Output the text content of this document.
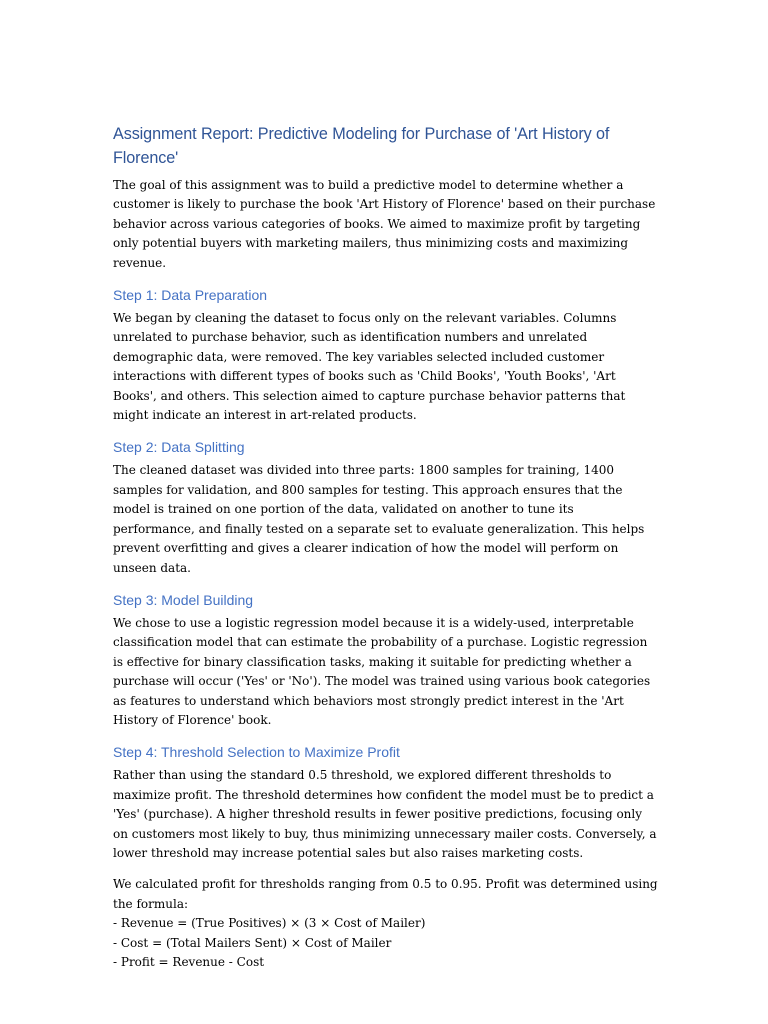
Assignment Report: Predictive Modeling for Purchase of 'Art History of Florence'

The goal of this assignment was to build a predictive model to determine whether a customer is likely to purchase the book 'Art History of Florence' based on their purchase behavior across various categories of books. We aimed to maximize profit by targeting only potential buyers with marketing mailers, thus minimizing costs and maximizing revenue.

Step 1: Data Preparation

We began by cleaning the dataset to focus only on the relevant variables. Columns unrelated to purchase behavior, such as identification numbers and unrelated demographic data, were removed. The key variables selected included customer interactions with different types of books such as 'Child Books', 'Youth Books', 'Art Books', and others. This selection aimed to capture purchase behavior patterns that might indicate an interest in art-related products.

Step 2: Data Splitting

The cleaned dataset was divided into three parts: 1800 samples for training, 1400 samples for validation, and 800 samples for testing. This approach ensures that the model is trained on one portion of the data, validated on another to tune its performance, and finally tested on a separate set to evaluate generalization. This helps prevent overfitting and gives a clearer indication of how the model will perform on unseen data.

Step 3: Model Building

We chose to use a logistic regression model because it is a widely-used, interpretable classification model that can estimate the probability of a purchase. Logistic regression is effective for binary classification tasks, making it suitable for predicting whether a purchase will occur ('Yes' or 'No'). The model was trained using various book categories as features to understand which behaviors most strongly predict interest in the 'Art History of Florence' book.

Step 4: Threshold Selection to Maximize Profit

Rather than using the standard 0.5 threshold, we explored different thresholds to maximize profit. The threshold determines how confident the model must be to predict a 'Yes' (purchase). A higher threshold results in fewer positive predictions, focusing only on customers most likely to buy, thus minimizing unnecessary mailer costs. Conversely, a lower threshold may increase potential sales but also raises marketing costs.

We calculated profit for thresholds ranging from 0.5 to 0.95. Profit was determined using the formula:
- Revenue = (True Positives) × (3 × Cost of Mailer)
- Cost = (Total Mailers Sent) × Cost of Mailer
- Profit = Revenue - Cost
